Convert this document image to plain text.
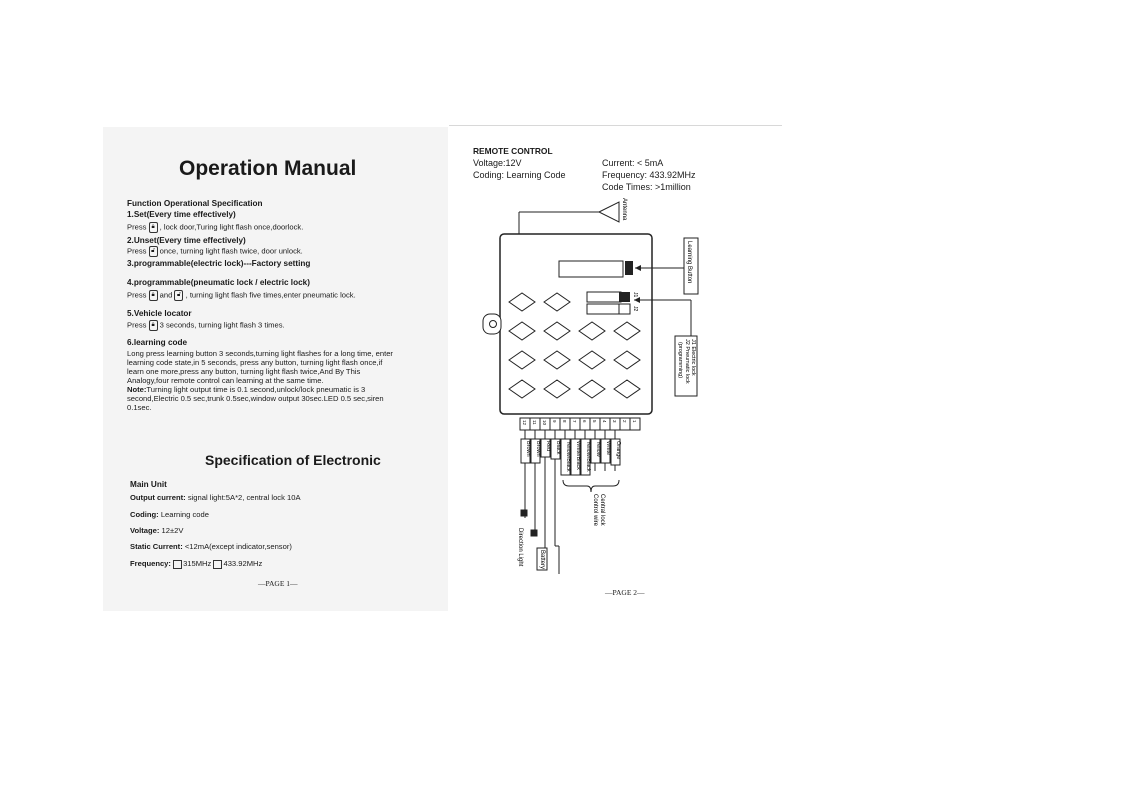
Operation Manual
Function Operational Specification
1.Set(Every time effectively)
Press 🔒︎ , lock door,Turing light flash once,doorlock.
2.Unset(Every time effectively)
Press 🔓︎ once, turning light flash twice, door unlock.
3.programmable(electric lock)---Factory setting
4.programmable(pneumatic lock / electric lock)
Press 🔒︎ and 🔓︎ , turning light flash five times,enter pneumatic lock.
5.Vehicle locator
Press 🔒︎ 3 seconds, turning light flash 3 times.
6.learning code
Long press learning button 3 seconds,turning light flashes for a long time, enter
learning code state,in 5 seconds, press any button, turning light flash once,if
learn one more,press any button, turning light flash twice,And By This
Analogy,four remote control can learning at the same time.
Note:Turning light output time is 0.1 second,unlock/lock pneumatic is 3
second,Electric 0.5 sec,trunk 0.5sec,window output 30sec.LED 0.5 sec,siren
0.1sec.
Specification of Electronic
Main Unit
Output current: signal light:5A*2, central lock 10A
Coding: Learning code
Voltage: 12±2V
Static Current: <12mA(except indicator,sensor)
Frequency: 315MHz 433.92MHz
—PAGE 1—
REMOTE CONTROL
Voltage:12V
Coding: Learning Code
Current: < 5mA
Frequency: 433.92MHz
Code Times: >1million
Antenna
Learning Button
J1
J2
J1 Electric lock
J2 Pneumatic lock
(programming)
12 11 10 9 8 7 6 5 4 3 2 1
Brown Brown Red Black Yellow/Black White/Black Yellow/Black Yellow White Orange
Central lock
Control wire
Direction Light	Battery
—PAGE 2—
